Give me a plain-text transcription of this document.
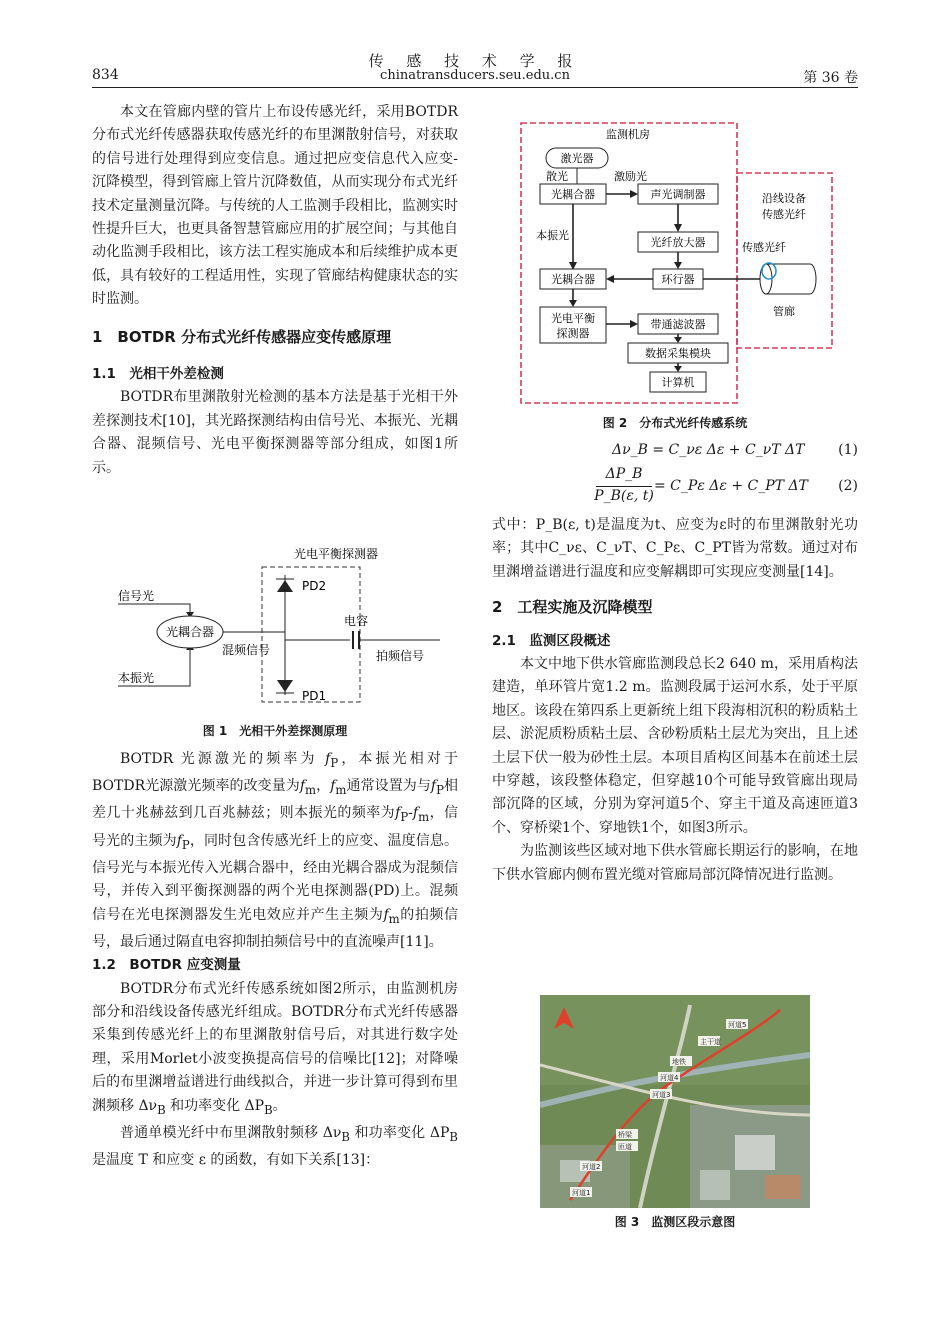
传 感 技 术 学 报
chinatransducers.seu.edu.cn
834	第 36 卷

本文在管廊内壁的管片上布设传感光纤，采用BOTDR分布式光纤传感器获取传感光纤的布里渊散射信号，对获取的信号进行处理得到应变信息。通过把应变信息代入应变-沉降模型，得到管廊上管片沉降数值，从而实现分布式光纤技术定量测量沉降。与传统的人工监测手段相比，监测实时性提升巨大，也更具备智慧管廊应用的扩展空间；与其他自动化监测手段相比，该方法工程实施成本和后续维护成本更低，具有较好的工程适用性，实现了管廊结构健康状态的实时监测。

1　BOTDR 分布式光纤传感器应变传感原理

1.1　光相干外差检测

BOTDR布里渊散射光检测的基本方法是基于光相干外差探测技术[10]，其光路探测结构由信号光、本振光、光耦合器、混频信号、光电平衡探测器等部分组成，如图1所示。

光电平衡探测器
信号光
本振光
光耦合器
混频信号
PD2
PD1
电容
拍频信号
图 1　光相干外差探测原理

BOTDR 光源激光的频率为 $f_P$，本振光相对于BOTDR光源激光频率的改变量为$f_m$，$f_m$通常设置为与$f_P$相差几十兆赫兹到几百兆赫兹；则本振光的频率为$f_P-f_m$，信号光的主频为$f_P$，同时包含传感光纤上的应变、温度信息。信号光与本振光传入光耦合器中，经由光耦合器成为混频信号，并传入到平衡探测器的两个光电探测器(PD)上。混频信号在光电探测器发生光电效应并产生主频为$f_m$的拍频信号，最后通过隔直电容抑制拍频信号中的直流噪声[11]。

1.2　BOTDR 应变测量

BOTDR分布式光纤传感系统如图2所示，由监测机房部分和沿线设备传感光纤组成。BOTDR分布式光纤传感器采集到传感光纤上的布里渊散射信号后，对其进行数字处理，采用Morlet小波变换提高信号的信噪比[12]；对降噪后的布里渊增益谱进行曲线拟合，并进一步计算可得到布里渊频移 $\Delta\nu_B$ 和功率变化 $\Delta P_B$。

普通单模光纤中布里渊散射频移 $\Delta\nu_B$ 和功率变化 $\Delta P_B$ 是温度 T 和应变 ε 的函数，有如下关系[13]：

监测机房
激光器
散光	激励光
光耦合器	声光调制器
本振光
光纤放大器
光耦合器	环行器
光电平衡
探测器
带通滤波器
数据采集模块
计算机
沿线设备
传感光纤
传感光纤
管廊
图 2　分布式光纤传感系统
Δν_B = C_νε Δε + C_νT ΔT (1)
ΔP_B
P_B(ε, t)
= C_Pε Δε + C_PT ΔT (2)

式中：P_B(ε, t)是温度为t、应变为ε时的布里渊散射光功率；其中C_νε、C_νT、C_Pε、C_PT皆为常数。通过对布里渊增益谱进行温度和应变解耦即可实现应变测量[14]。

2　工程实施及沉降模型

2.1　监测区段概述

本文中地下供水管廊监测段总长2 640 m，采用盾构法建造，单环管片宽1.2 m。监测段属于运河水系，处于平原地区。该段在第四系上更新统上组下段海相沉积的粉质粘土层、淤泥质粉质粘土层、含砂粉质粘土层尤为突出，且上述土层下伏一般为砂性土层。本项目盾构区间基本在前述土层中穿越，该段整体稳定，但穿越10个可能导致管廊出现局部沉降的区域，分别为穿河道5个、穿主干道及高速匝道3个、穿桥梁1个、穿地铁1个，如图3所示。

为监测该些区域对地下供水管廊长期运行的影响，在地下供水管廊内侧布置光缆对管廊局部沉降情况进行监测。

河道5
主干道
地铁
河道4
河道3
桥梁
匝道
河道2
河道1
图 3　监测区段示意图
